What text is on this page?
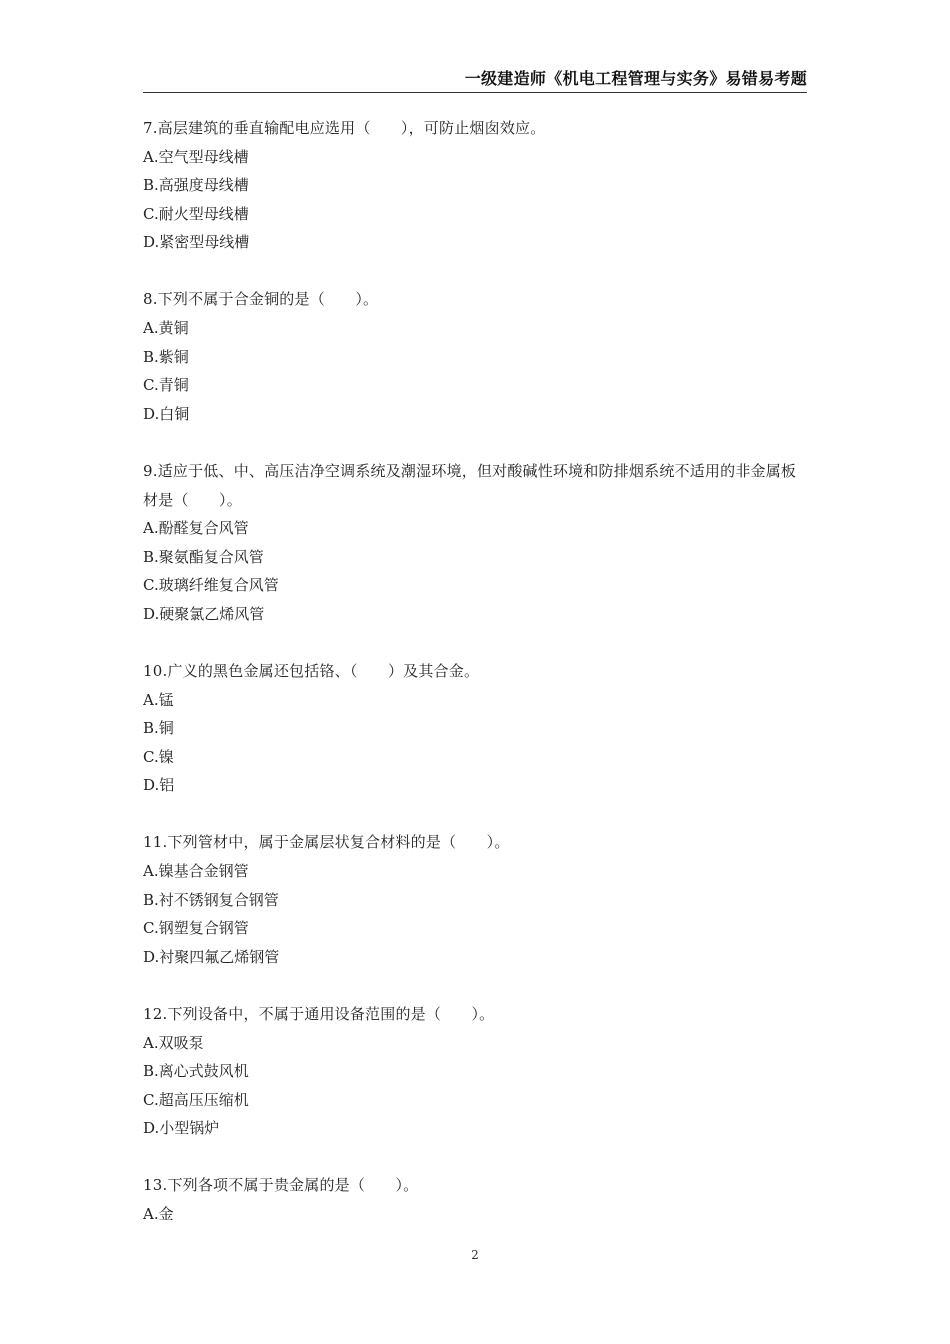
一级建造师《机电工程管理与实务》易错易考题
7.高层建筑的垂直输配电应选用（　　），可防止烟囱效应。
A.空气型母线槽
B.高强度母线槽
C.耐火型母线槽
D.紧密型母线槽
8.下列不属于合金铜的是（　　）。
A.黄铜
B.紫铜
C.青铜
D.白铜
9.适应于低、中、高压洁净空调系统及潮湿环境，但对酸碱性环境和防排烟系统不适用的非金属板材是（　　）。
A.酚醛复合风管
B.聚氨酯复合风管
C.玻璃纤维复合风管
D.硬聚氯乙烯风管
10.广义的黑色金属还包括铬、（　　）及其合金。
A.锰
B.铜
C.镍
D.铝
11.下列管材中，属于金属层状复合材料的是（　　）。
A.镍基合金钢管
B.衬不锈钢复合钢管
C.钢塑复合钢管
D.衬聚四氟乙烯钢管
12.下列设备中，不属于通用设备范围的是（　　）。
A.双吸泵
B.离心式鼓风机
C.超高压压缩机
D.小型锅炉
13.下列各项不属于贵金属的是（　　）。
A.金
2
